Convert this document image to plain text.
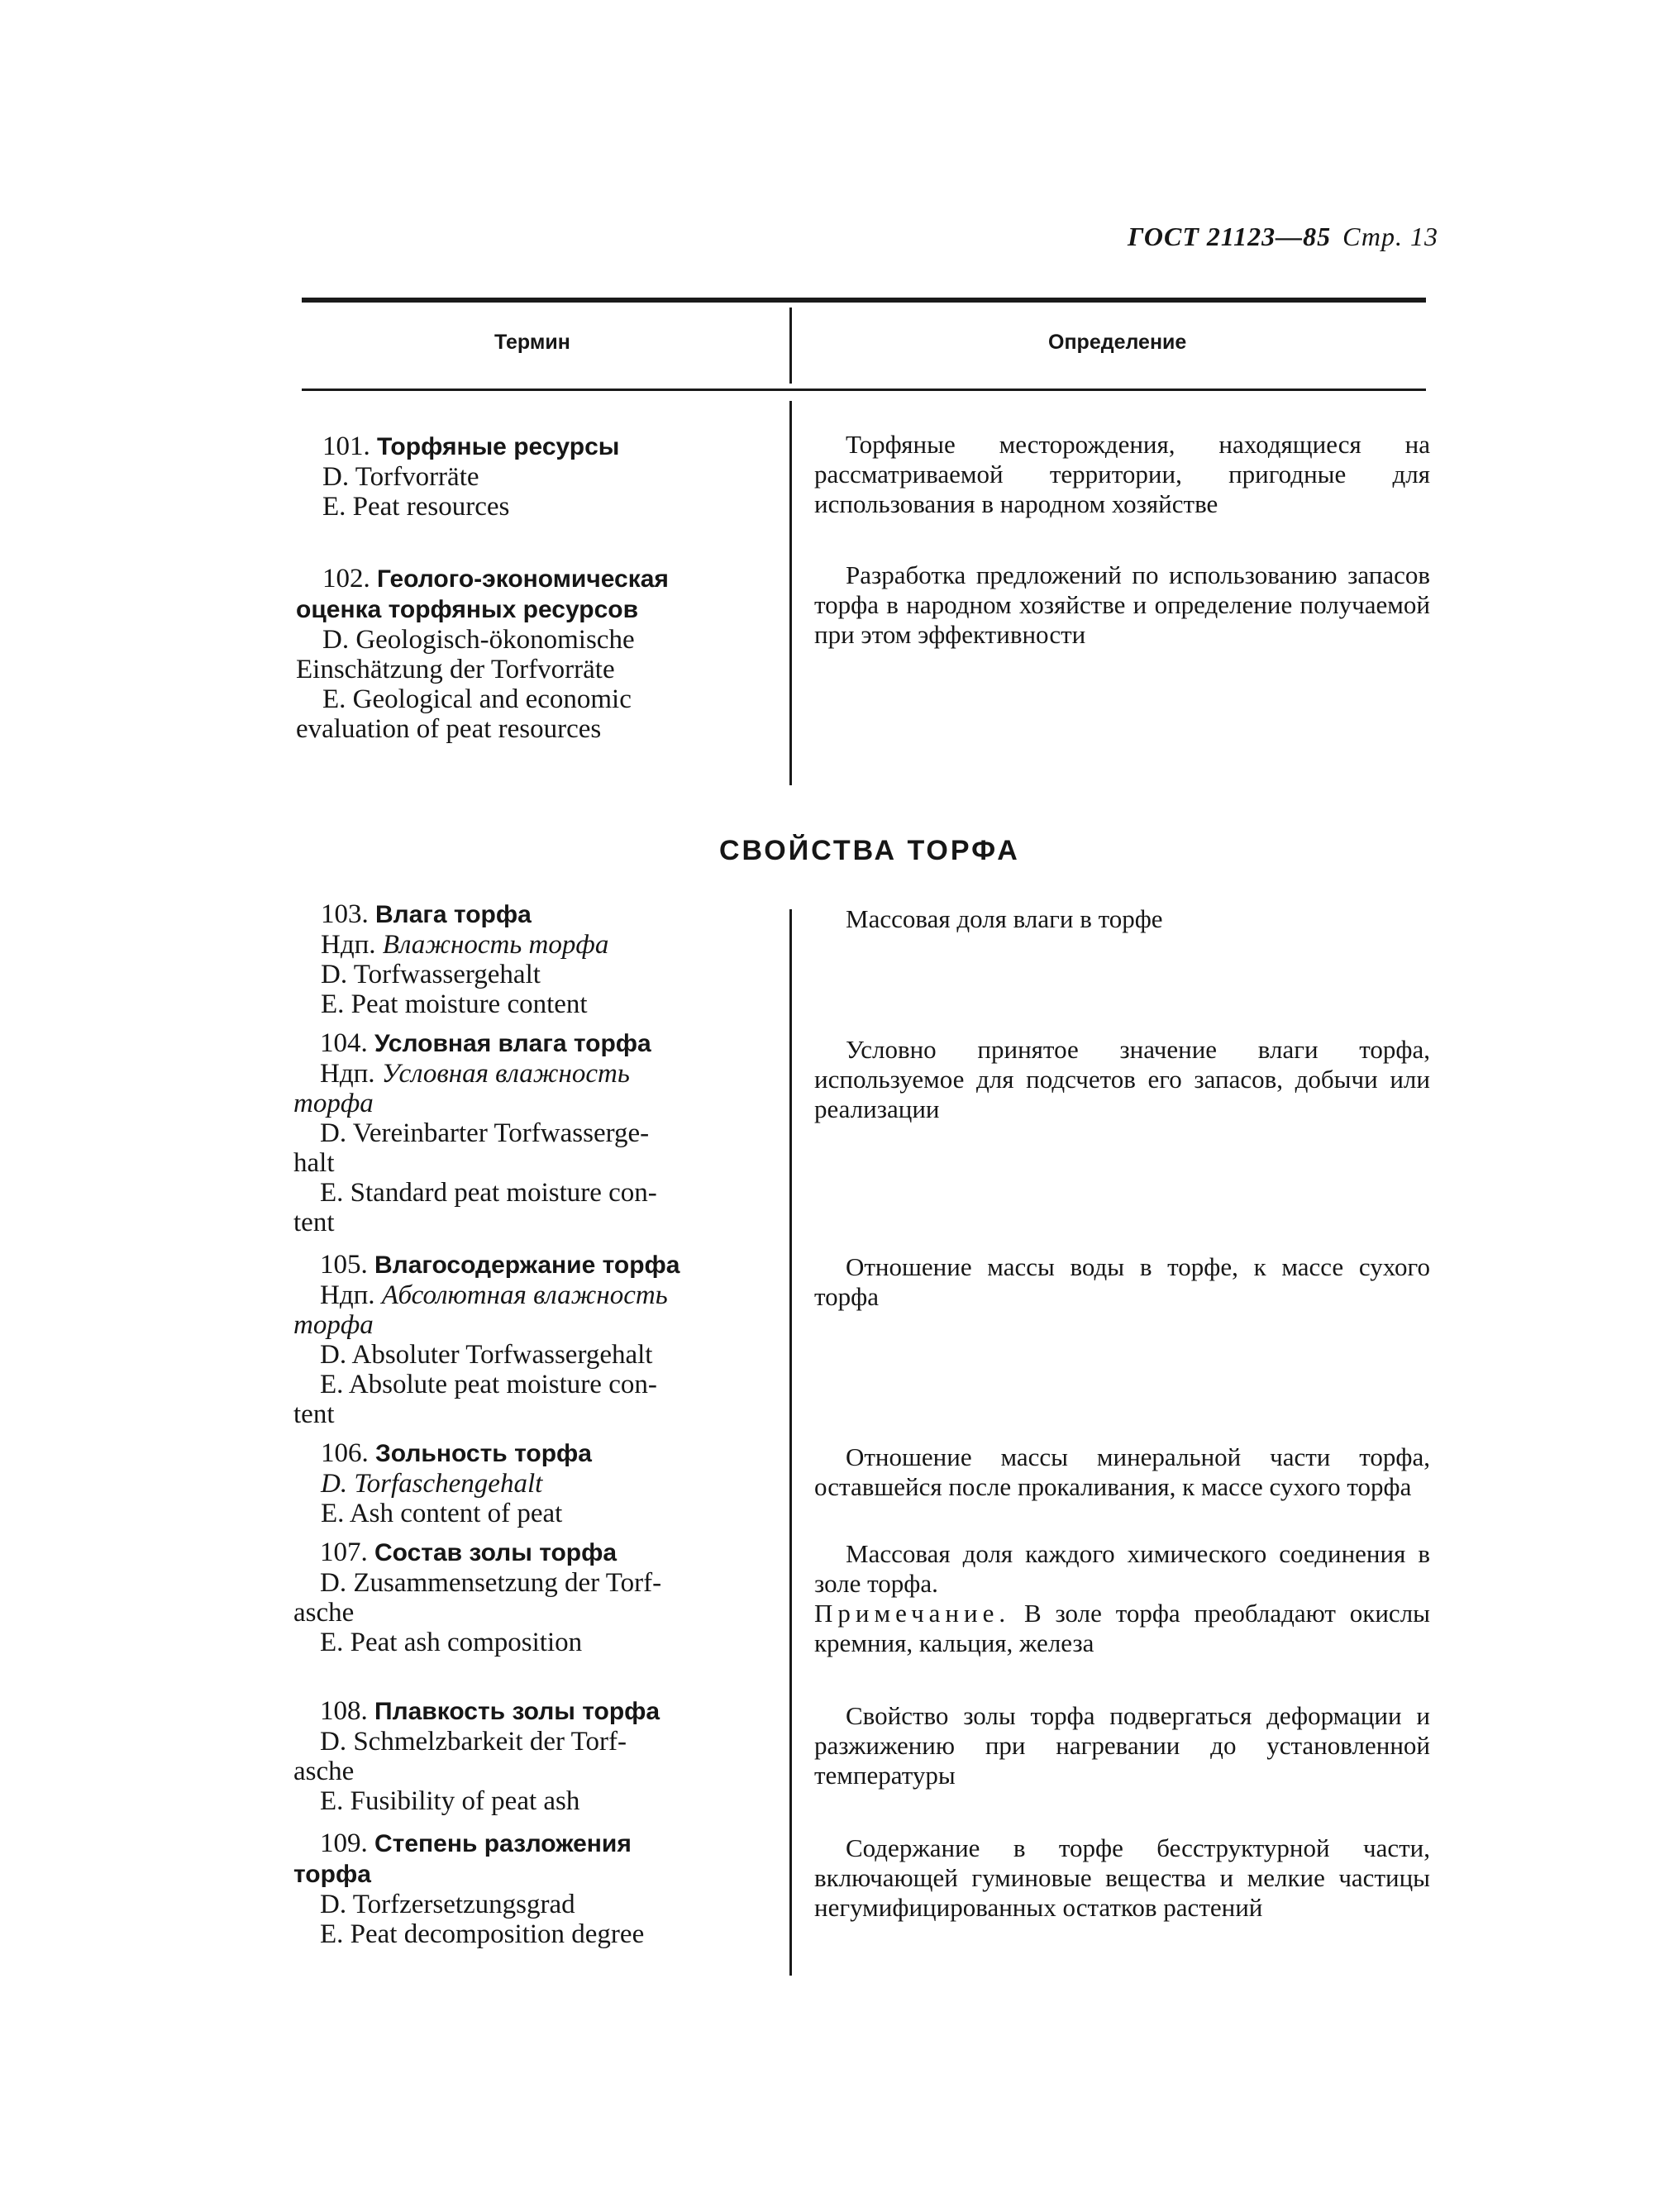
ГОСТ 21123—85 Стр. 13
Термин	Определение
101. Торфяные ресурсы
D. Torfvorräte
E. Peat resources
Торфяные месторождения, находящиеся на рассматриваемой территории, пригодные для использования в народном хозяйстве
102. Геолого-экономическая
оценка торфяных ресурсов
D. Geologisch-ökonomische
Einschätzung der Torfvorräte
E. Geological and economic
evaluation of peat resources
Разработка предложений по использованию запасов торфа в народном хозяйстве и определение получаемой при этом эффективности
СВОЙСТВА ТОРФА
103. Влага торфа
Ндп. Влажность торфа
D. Torfwassergehalt
E. Peat moisture content
Массовая доля влаги в торфе
104. Условная влага торфа
Ндп. Условная влажность
торфа
D. Vereinbarter Torfwasserge-
halt
E. Standard peat moisture con-
tent
Условно принятое значение влаги торфа, используемое для подсчетов его запасов, добычи или реализации
105. Влагосодержание торфа
Ндп. Абсолютная влажность
торфа
D. Absoluter Torfwassergehalt
E. Absolute peat moisture con-
tent
Отношение массы воды в торфе, к массе сухого торфа
106. Зольность торфа
D. Torfaschengehalt
E. Ash content of peat
Отношение массы минеральной части торфа, оставшейся после прокаливания, к массе сухого торфа
107. Состав золы торфа
D. Zusammensetzung der Torf-
asche
E. Peat ash composition
Массовая доля каждого химического соединения в золе торфа.
Примечание. В золе торфа преобладают окислы кремния, кальция, железа
108. Плавкость золы торфа
D. Schmelzbarkeit der Torf-
asche
E. Fusibility of peat ash
Свойство золы торфа подвергаться деформации и разжижению при нагревании до установленной температуры
109. Степень разложения
торфа
D. Torfzersetzungsgrad
E. Peat decomposition degree
Содержание в торфе бесструктурной части, включающей гуминовые вещества и мелкие частицы негумифицированных остатков растений
